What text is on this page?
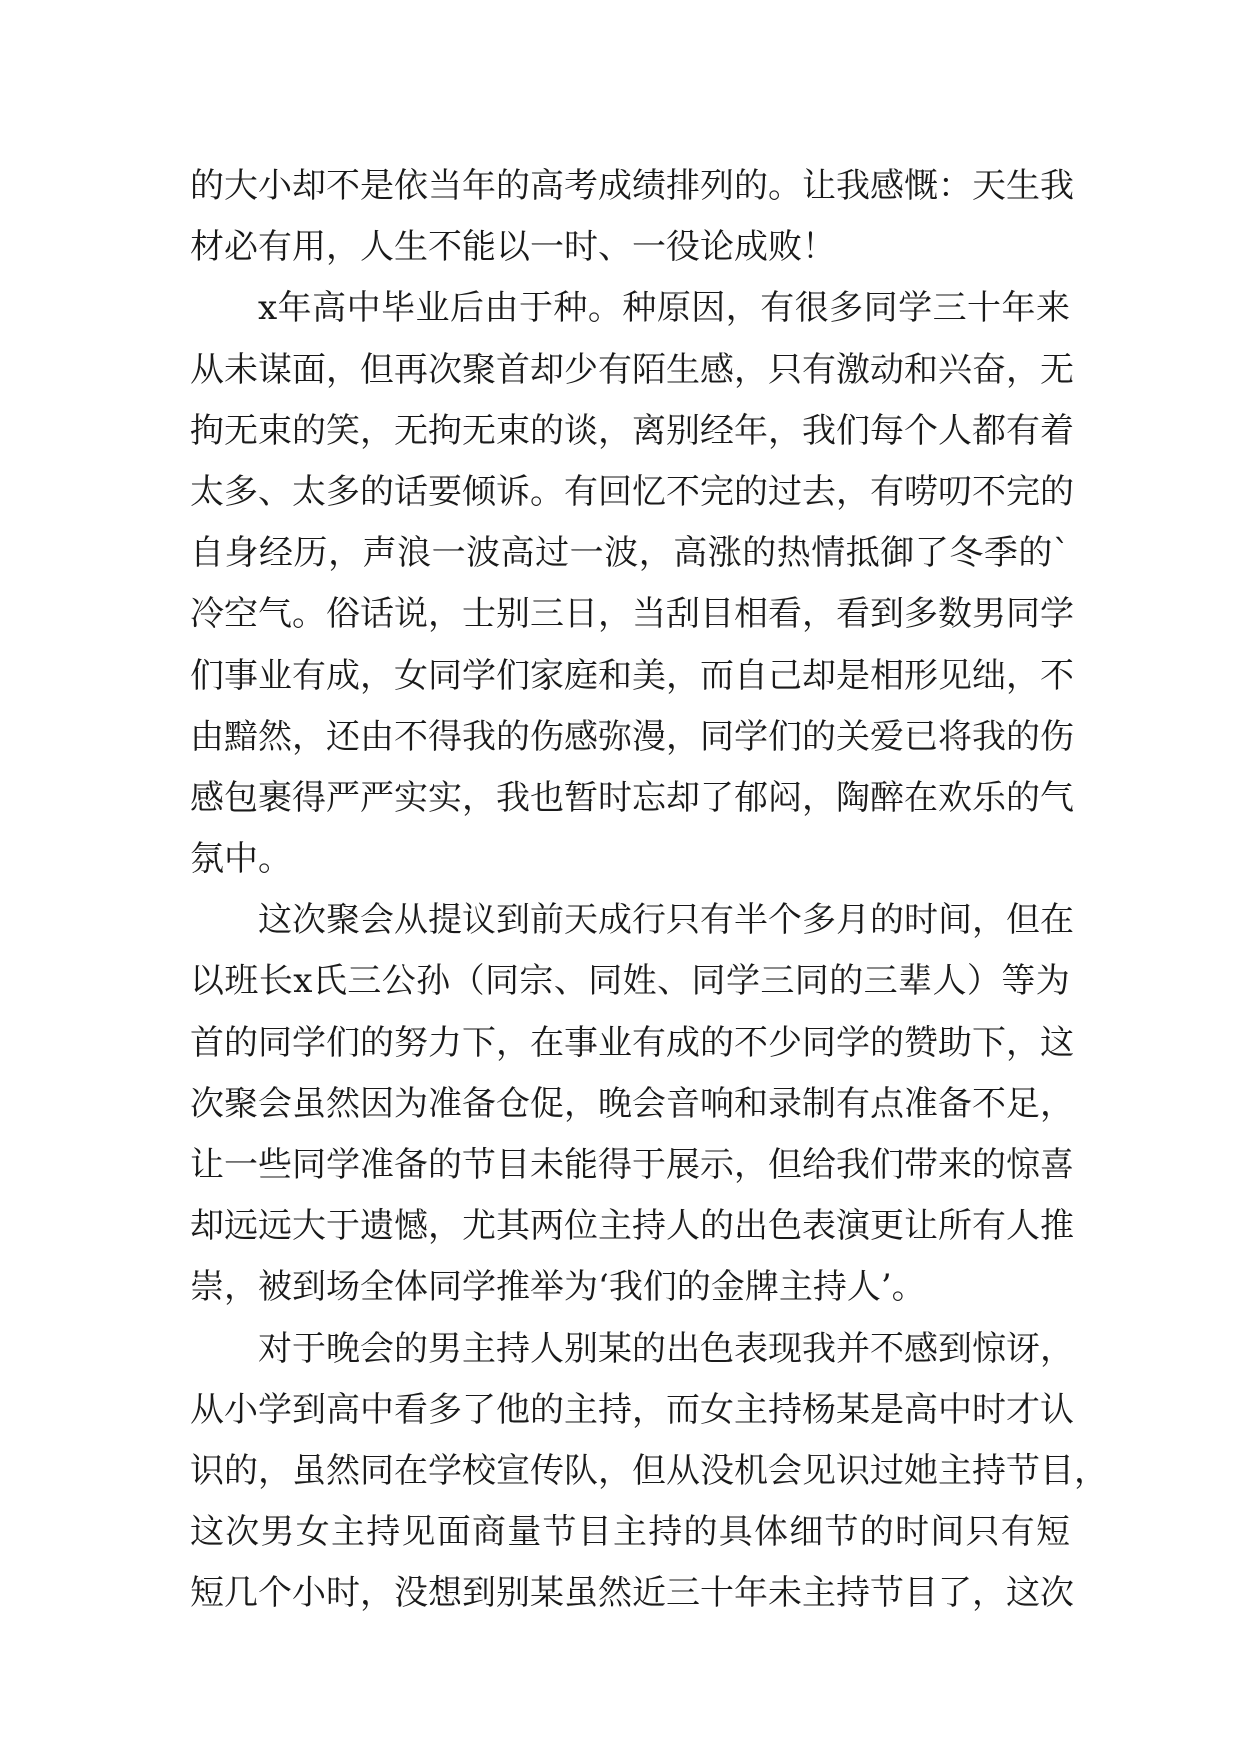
的 大 小 却 不 是 依 当 年 的 高 考 成 绩 排 列 的 。 让 我 感 慨 ： 天 生 我
材 必 有 用 ， 人 生 不 能 以 一 时 、 一 役 论 成 败 ！
x 年 高 中 毕 业 后 由 于 种 。 种 原 因 ， 有 很 多 同 学 三 十 年 来
从 未 谋 面 ， 但 再 次 聚 首 却 少 有 陌 生 感 ， 只 有 激 动 和 兴 奋 ， 无
拘 无 束 的 笑 ， 无 拘 无 束 的 谈 ， 离 别 经 年 ， 我 们 每 个 人 都 有 着
太 多 、 太 多 的 话 要 倾 诉 。 有 回 忆 不 完 的 过 去 ， 有 唠 叨 不 完 的
自 身 经 历 ， 声 浪 一 波 高 过 一 波 ， 高 涨 的 热 情 抵 御 了 冬 季 的 `
冷 空 气 。 俗 话 说 ， 士 别 三 日 ， 当 刮 目 相 看 ， 看 到 多 数 男 同 学
们 事 业 有 成 ， 女 同 学 们 家 庭 和 美 ， 而 自 己 却 是 相 形 见 绌 ， 不
由 黯 然 ， 还 由 不 得 我 的 伤 感 弥 漫 ， 同 学 们 的 关 爱 已 将 我 的 伤
感 包 裹 得 严 严 实 实 ， 我 也 暂 时 忘 却 了 郁 闷 ， 陶 醉 在 欢 乐 的 气
氛 中 。
这 次 聚 会 从 提 议 到 前 天 成 行 只 有 半 个 多 月 的 时 间 ， 但 在
以 班 长 x 氏 三 公 孙 （ 同 宗 、 同 姓 、 同 学 三 同 的 三 辈 人 ） 等 为
首 的 同 学 们 的 努 力 下 ， 在 事 业 有 成 的 不 少 同 学 的 赞 助 下 ， 这
次 聚 会 虽 然 因 为 准 备 仓 促 ， 晚 会 音 响 和 录 制 有 点 准 备 不 足 ，
让 一 些 同 学 准 备 的 节 目 未 能 得 于 展 示 ， 但 给 我 们 带 来 的 惊 喜
却 远 远 大 于 遗 憾 ， 尤 其 两 位 主 持 人 的 出 色 表 演 更 让 所 有 人 推
崇 ， 被 到 场 全 体 同 学 推 举 为 ‘ 我 们 的 金 牌 主 持 人 ’ 。
对 于 晚 会 的 男 主 持 人 别 某 的 出 色 表 现 我 并 不 感 到 惊 讶 ，
从 小 学 到 高 中 看 多 了 他 的 主 持 ， 而 女 主 持 杨 某 是 高 中 时 才 认
识 的 ， 虽 然 同 在 学 校 宣 传 队 ， 但 从 没 机 会 见 识 过 她 主 持 节 目 ，
这 次 男 女 主 持 见 面 商 量 节 目 主 持 的 具 体 细 节 的 时 间 只 有 短
短 几 个 小 时 ， 没 想 到 别 某 虽 然 近 三 十 年 未 主 持 节 目 了 ， 这 次
